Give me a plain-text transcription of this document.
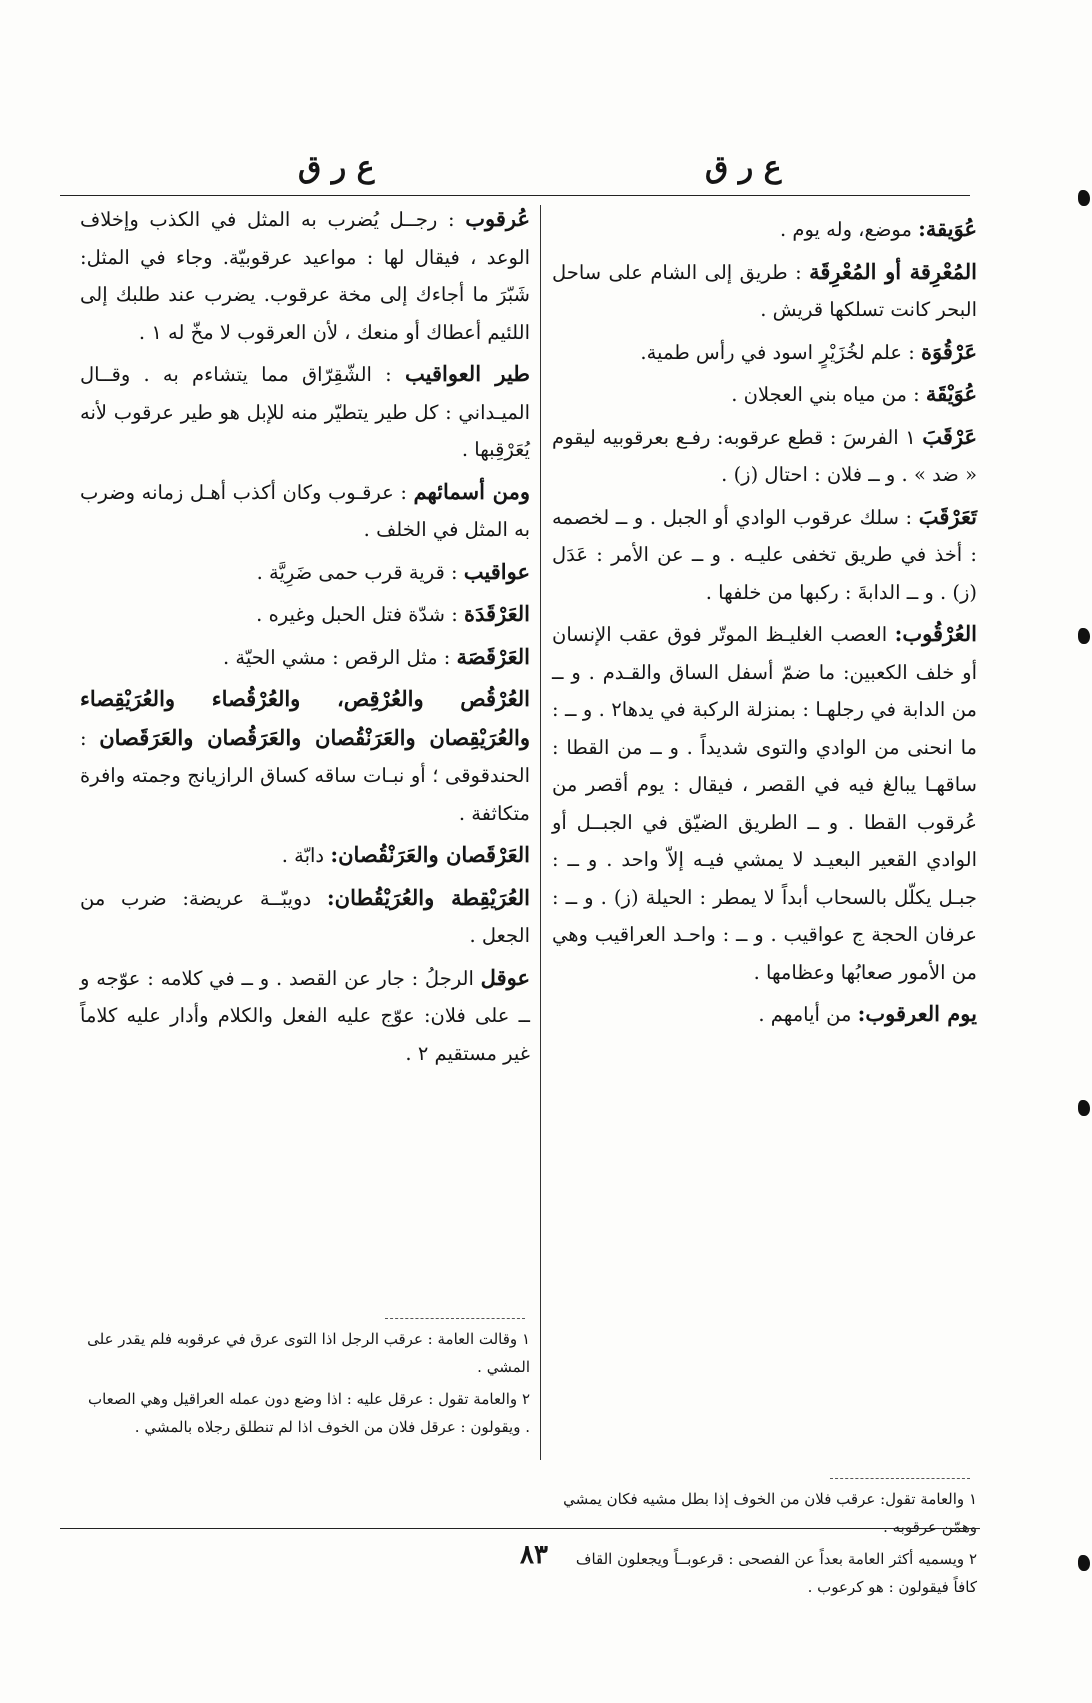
ع ر ق
ع ر ق

عُوَيقة: موضع، وله يوم .

المُعْرِقة أو المُعْرِقَة : طريق إلى الشام على ساحل البحر كانت تسلكها قريش .

عَرْقُوَة : علم لخُزَيْرٍ اسود في رأس طمية.

عُوَيْقَة : من مياه بني العجلان .

عَرْقَبَ ١ الفرسَ : قطع عرقوبه: رفـع بعرقوبيه ليقوم « ضد » . و ــ فلان : احتال (ز) .

تَعَرْقَبَ : سلك عرقوب الوادي أو الجبل . و ــ لخصمه : أخذ في طريق تخفى عليـه . و ــ عن الأمر : عَدَل (ز) . و ــ الدابةَ : ركبها من خلفها .

العُرْقُوب: العصب الغليـظ الموتّر فوق عقب الإنسان أو خلف الكعبين: ما ضمّ أسفل الساق والقـدم . و ــ من الدابة في رجلهـا : بمنزلة الركبة في يدها٢ . و ــ : ما انحنى من الوادي والتوى شديداً . و ــ من القطا : ساقهـا يبالغ فيه في القصر ، فيقال : يوم أقصر من عُرقوب القطا . و ــ الطريق الضيّق في الجبــل أو الوادي القعير البعيـد لا يمشي فيـه إلاّ واحد . و ــ : جبـل يكلّل بالسحاب أبداً لا يمطر : الحيلة (ز) . و ــ : عرفان الحجة ج عواقيب . و ــ : واحـد العراقيب وهي من الأمور صعابُها وعظامها .

يوم العرقوب: من أيامهم .

عُرقوب : رجــل يُضرب به المثل في الكذب وإخلاف الوعد ، فيقال لها : مواعيد عرقوبيّة. وجاء في المثل: شَبّرَ ما أجاءك إلى مخة عرقوب. يضرب عند طلبك إلى اللئيم أعطاك أو منعك ، لأن العرقوب لا مخّ له ١ .

طير العواقيب : الشّقِرّاق مما يتشاءم به . وقــال الميـداني : كل طير يتطيّر منه للإبل هو طير عرقوب لأنه يُعَرْقِبها .

ومن أسمائهم : عرقـوب وكان أكذب أهـل زمانه وضرب به المثل في الخلف .

عواقيب : قرية قرب حمى ضَرِيَّة .

العَرْقَدَة : شدّة فتل الحبل وغيره .

العَرْقَصَة : مثل الرقص : مشي الحيّة .

العُرْقُص والعُرْقِص، والعُرْقُصاء والعُرَيْقِصاء والعُرَيْقِصان والعَرَنْقُصان والعَرَقُصان والعَرَقَصان : الحندقوقى ؛ أو نبـات ساقه كساق الرازيانج وجمته وافرة متكاثفة .

العَرْقَصان والعَرَنْقُصان: دابّة .

العُرَيْقِطة والعُرَيْقُطان: دويبّــة عريضة: ضرب من الجعل .

عوقل الرجلُ : جار عن القصد . و ــ في كلامه : عوّجه و ــ على فلان: عوّج عليه الفعل والكلام وأدار عليه كلاماً غير مستقيم ٢ .

١ وقالت العامة : عرقب الرجل اذا التوى عرق في عرقوبه فلم يقدر على المشي .

٢ والعامة تقول : عرقل عليه : اذا وضع دون عمله العراقيل وهي الصعاب . ويقولون : عرقل فلان من الخوف اذا لم تنطلق رجلاه بالمشي .

١ والعامة تقول: عرقب فلان من الخوف إذا بطل مشيه فكان يمشي وهمّن عرقوبه .

٢ ويسميه أكثر العامة بعداً عن الفصحى : قرعوبــاً ويجعلون القاف كافاً فيقولون : هو كرعوب .

٨٣
